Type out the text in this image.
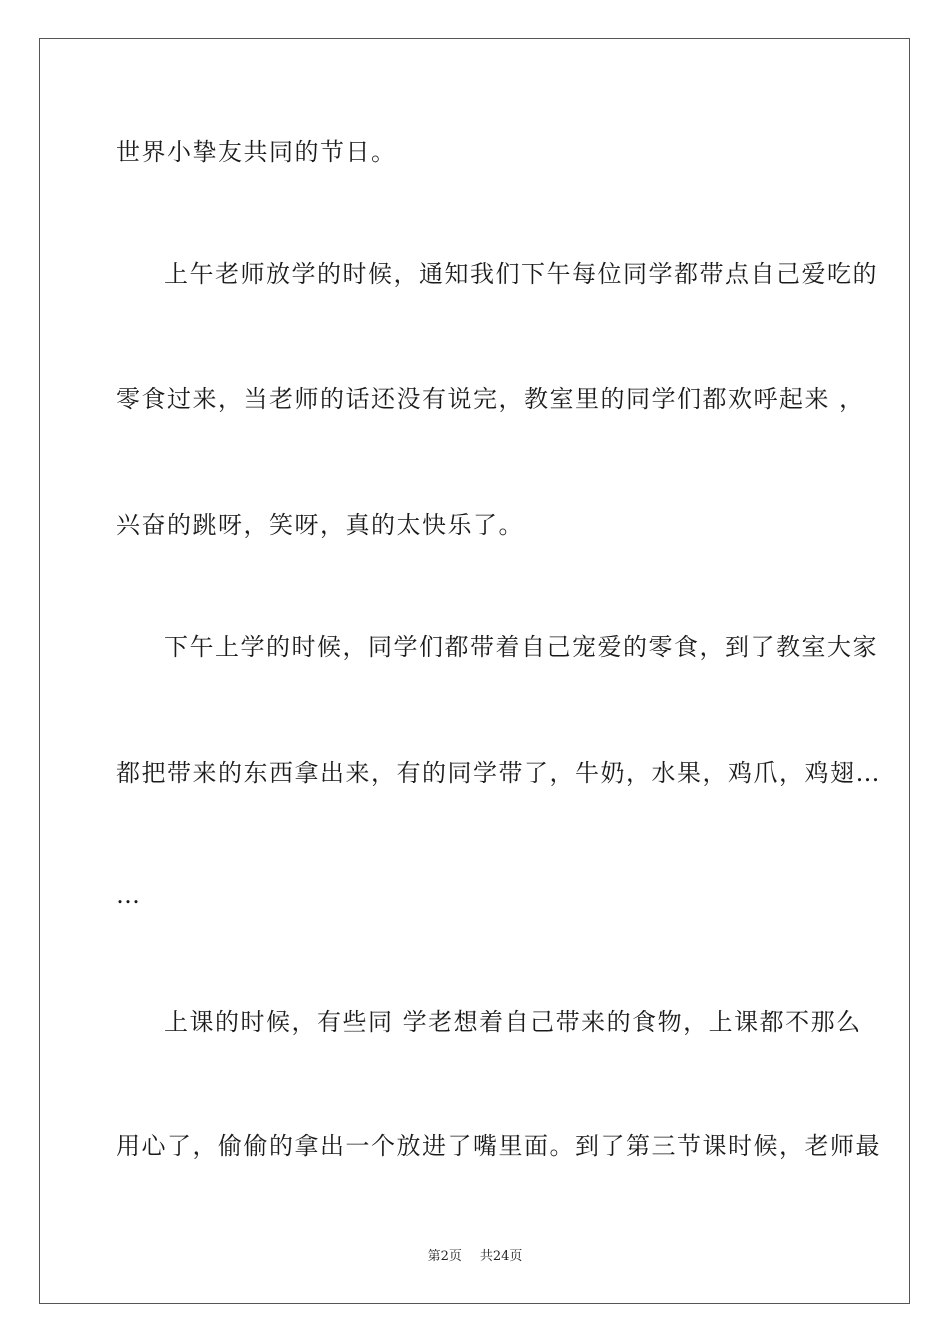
世界小挚友共同的节日。
上午老师放学的时候，通知我们下午每位同学都带点自己爱吃的
零食过来，当老师的话还没有说完，教室里的同学们都欢呼起来 ，
兴奋的跳呀，笑呀，真的太快乐了。
下午上学的时候，同学们都带着自己宠爱的零食，到了教室大家
都把带来的东西拿出来，有的同学带了，牛奶，水果，鸡爪，鸡翅…
…
上课的时候，有些同 学老想着自己带来的食物，上课都不那么
用心了，偷偷的拿出一个放进了嘴里面。到了第三节课时候，老师最
第2页 共24页
